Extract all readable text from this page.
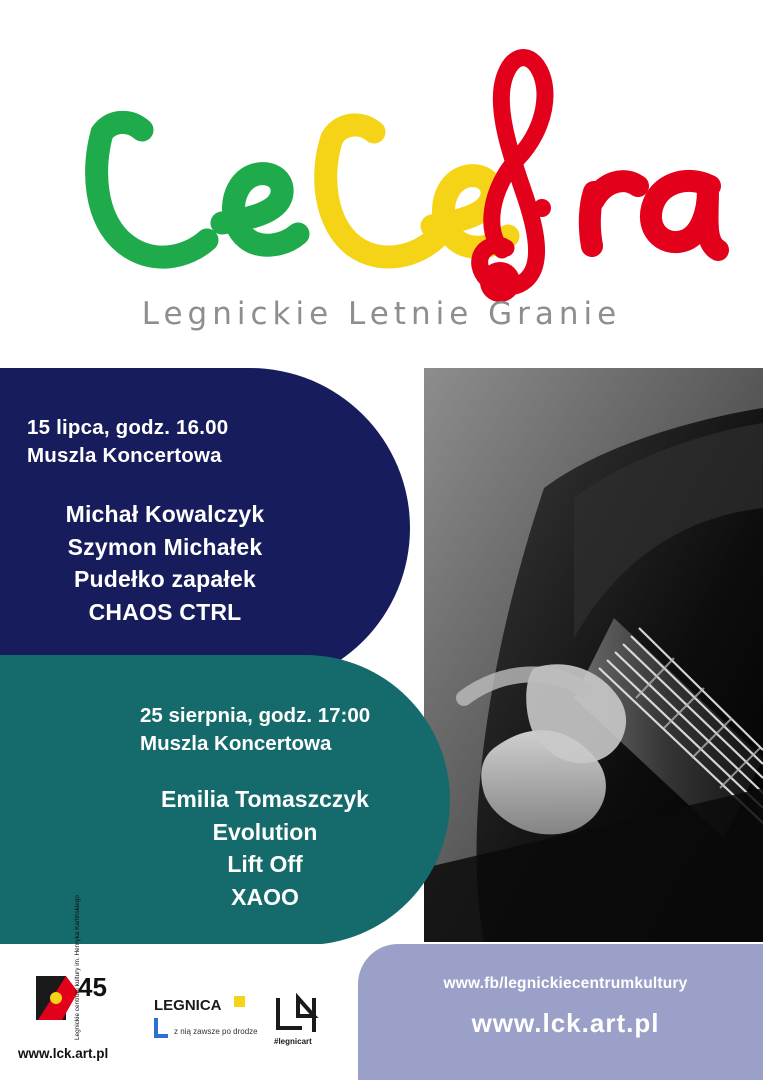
Legnickie Letnie Granie
15 lipca, godz. 16.00
Muszla Koncertowa
Michał Kowalczyk
Szymon Michałek
Pudełko zapałek
CHAOS CTRL
25 sierpnia, godz. 17:00
Muszla Koncertowa
Emilia Tomaszczyk
Evolution
Lift Off
XAOO
www.fb/legnickiecentrumkultury
www.lck.art.pl
45
Legnickie centrum kultury im. Henryka Karlińskiego	LEGNICA
z nią zawsze po drodze
#legnicart
www.lck.art.pl
